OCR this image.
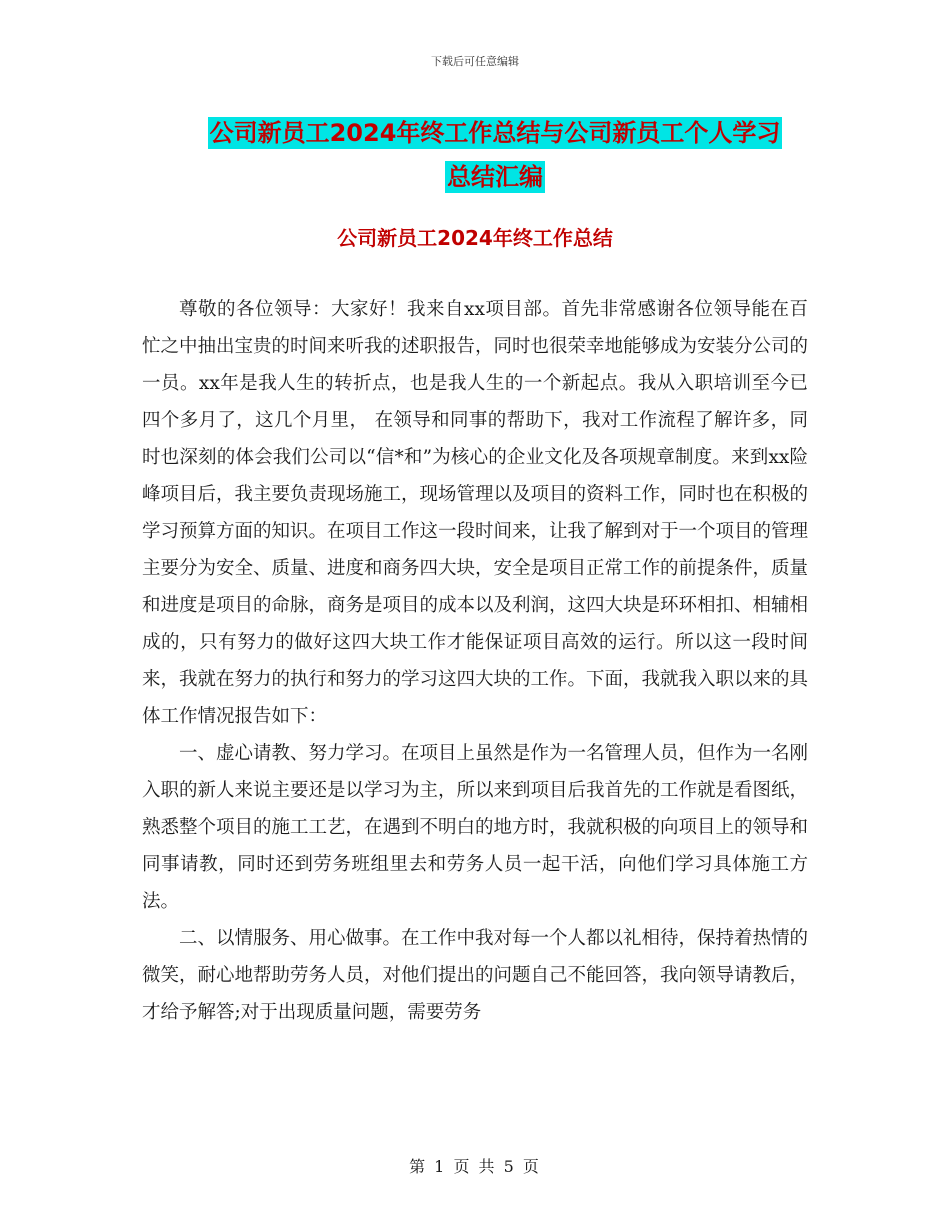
下载后可任意编辑
公司新员工2024年终工作总结与公司新员工个人学习
总结汇编
公司新员工2024年终工作总结

尊敬的各位领导：大家好！我来自xx项目部。首先非常感谢各位领导能在百忙之中抽出宝贵的时间来听我的述职报告，同时也很荣幸地能够成为安装分公司的一员。xx年是我人生的转折点，也是我人生的一个新起点。我从入职培训至今已四个多月了，这几个月里， 在领导和同事的帮助下，我对工作流程了解许多，同时也深刻的体会我们公司以“信*和”为核心的企业文化及各项规章制度。来到xx险峰项目后，我主要负责现场施工，现场管理以及项目的资料工作，同时也在积极的学习预算方面的知识。在项目工作这一段时间来，让我了解到对于一个项目的管理主要分为安全、质量、进度和商务四大块，安全是项目正常工作的前提条件，质量和进度是项目的命脉，商务是项目的成本以及利润，这四大块是环环相扣、相辅相成的，只有努力的做好这四大块工作才能保证项目高效的运行。所以这一段时间来，我就在努力的执行和努力的学习这四大块的工作。下面，我就我入职以来的具体工作情况报告如下：

一、虚心请教、努力学习。在项目上虽然是作为一名管理人员，但作为一名刚入职的新人来说主要还是以学习为主，所以来到项目后我首先的工作就是看图纸，熟悉整个项目的施工工艺，在遇到不明白的地方时，我就积极的向项目上的领导和同事请教，同时还到劳务班组里去和劳务人员一起干活，向他们学习具体施工方法。

二、以情服务、用心做事。在工作中我对每一个人都以礼相待，保持着热情的微笑，耐心地帮助劳务人员，对他们提出的问题自己不能回答，我向领导请教后，才给予解答;对于出现质量问题，需要劳务

第 1 页 共 5 页
